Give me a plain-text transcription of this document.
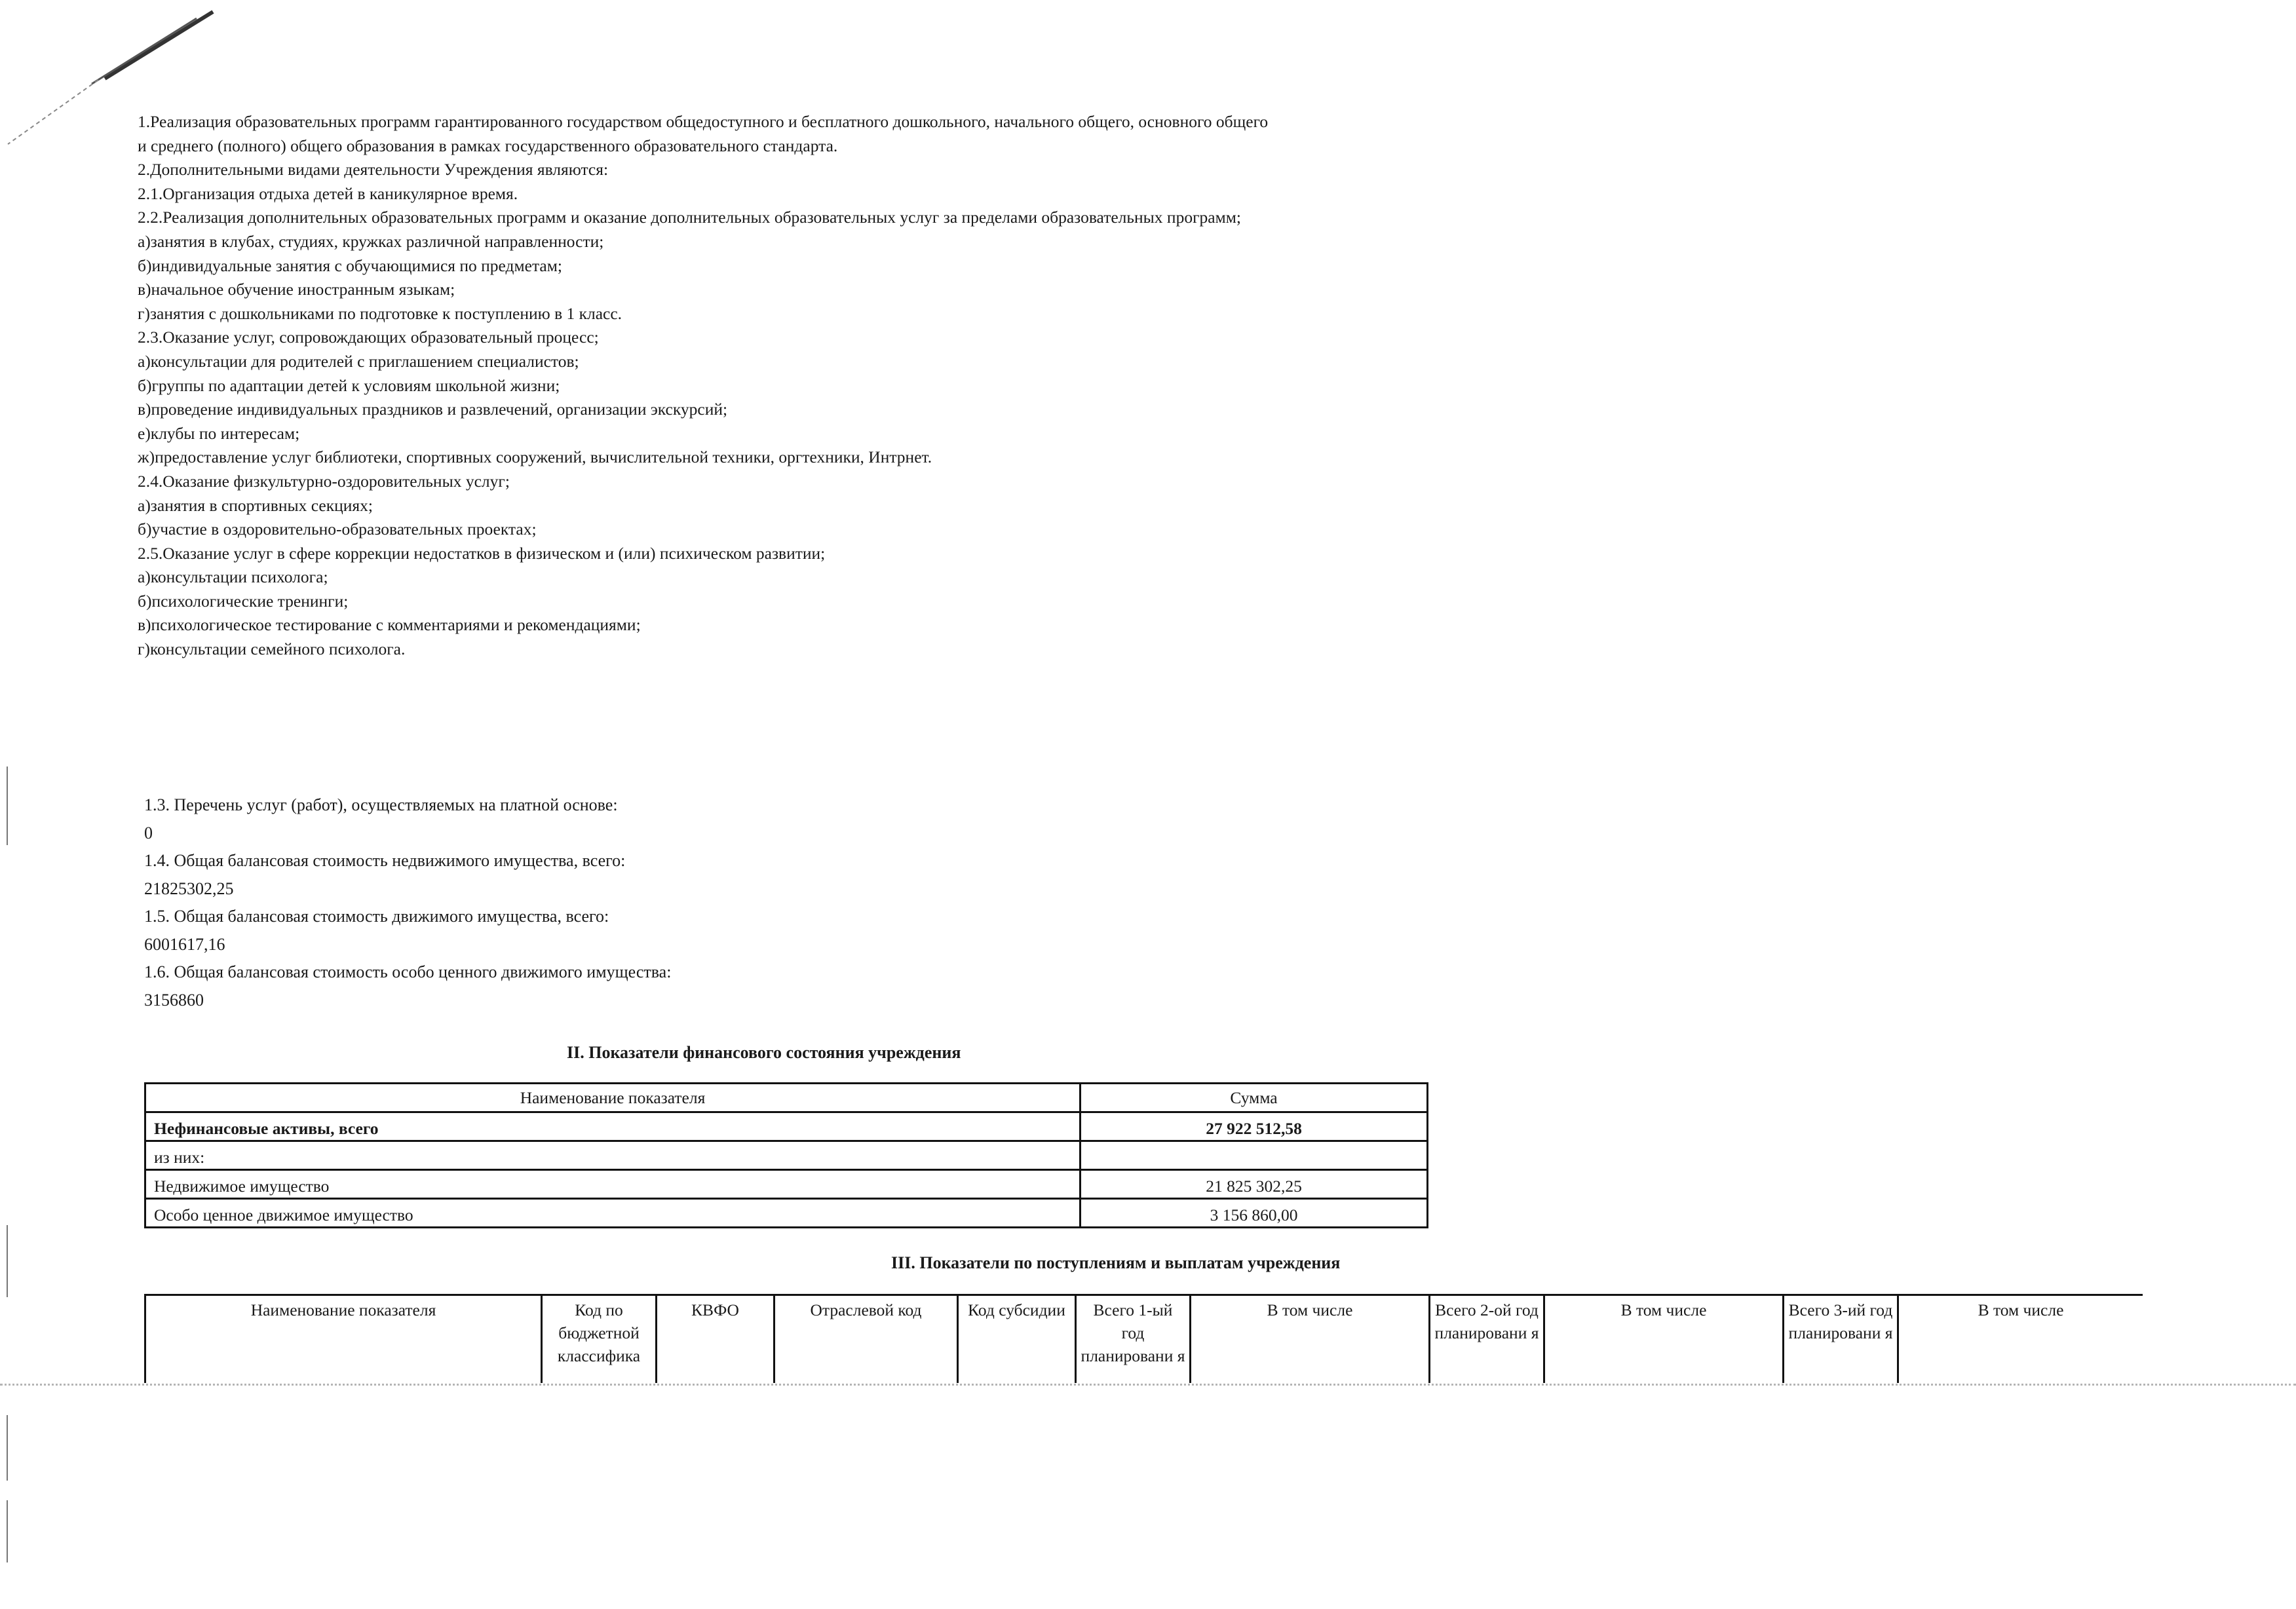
1.Реализация образовательных программ гарантированного государством общедоступного и бесплатного дошкольного, начального общего, основного общего
и среднего (полного) общего образования в рамках государственного образовательного стандарта.
2.Дополнительными видами деятельности Учреждения являются:
2.1.Организация отдыха детей в каникулярное время.
2.2.Реализация дополнительных образовательных программ и оказание дополнительных образовательных услуг за пределами образовательных программ;
а)занятия в клубах, студиях, кружках различной направленности;
б)индивидуальные занятия с обучающимися по предметам;
в)начальное обучение иностранным языкам;
г)занятия с дошкольниками по подготовке к поступлению в 1 класс.
2.3.Оказание услуг, сопровождающих образовательный процесс;
а)консультации для родителей с приглашением специалистов;
б)группы по адаптации детей к условиям школьной жизни;
в)проведение индивидуальных праздников и развлечений, организации экскурсий;
е)клубы по интересам;
ж)предоставление услуг библиотеки, спортивных сооружений, вычислительной техники, оргтехники, Интрнет.
2.4.Оказание физкультурно-оздоровительных услуг;
а)занятия в спортивных секциях;
б)участие в оздоровительно-образовательных проектах;
2.5.Оказание услуг в сфере коррекции недостатков в физическом и (или) психическом развитии;
а)консультации психолога;
б)психологические тренинги;
в)психологическое тестирование с комментариями и рекомендациями;
г)консультации семейного психолога.
1.3. Перечень услуг (работ), осуществляемых на платной основе:
0
1.4. Общая балансовая стоимость недвижимого имущества, всего:
21825302,25
1.5. Общая балансовая стоимость движимого имущества, всего:
6001617,16
1.6. Общая балансовая стоимость особо ценного движимого имущества:
3156860
II. Показатели финансового состояния учреждения
Наименование показателя	Сумма
Нефинансовые активы, всего	27 922 512,58
из них:	
Недвижимое имущество	21 825 302,25
Особо ценное движимое имущество	3 156 860,00
III. Показатели по поступлениям и выплатам учреждения
Наименование показателя	Код по бюджетной классифика	КВФО	Отраслевой код	Код субсидии	Всего 1-ый год планировани я	В том числе	Всего 2-ой год планировани я	В том числе	Всего 3-ий год планировани я	В том числе
